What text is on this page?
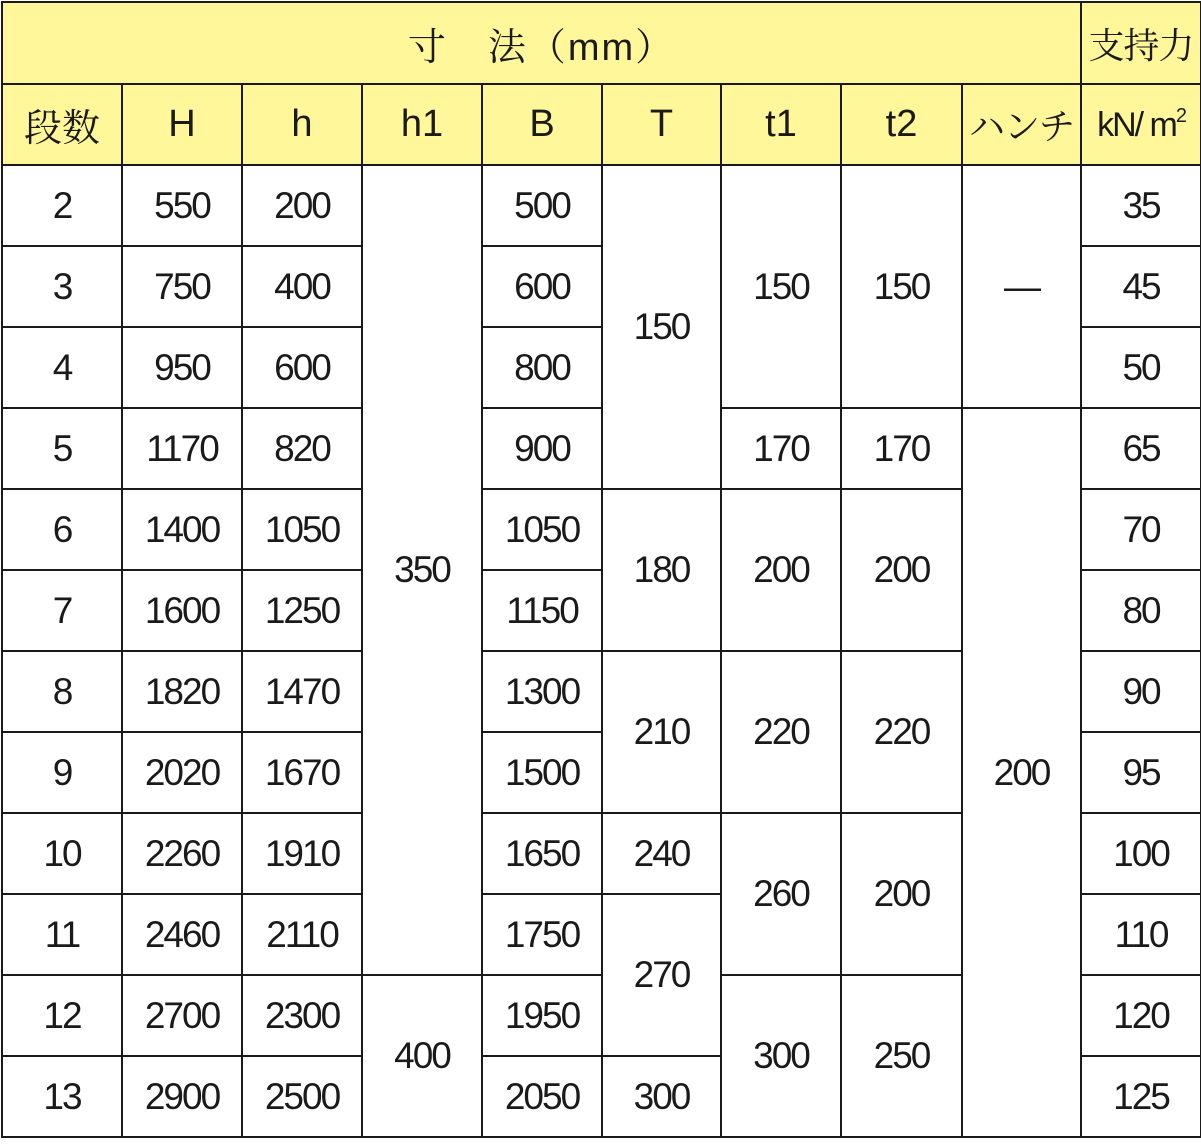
寸　法（mm）									支持力
段数	H	h	h1	B	T	t1	t2	ハンチ	kN/ $m^2$
2	550	200	350	500	150	150	150	—	35
3	750	400		600					45
4	950	600		800					50
5	1170	820		900		170	170	200	65
6	1400	1050		1050	180	200	200		70
7	1600	1250		1150					80
8	1820	1470		1300	210	220	220		90
9	2020	1670		1500					95
10	2260	1910		1650	240	260	200		100
11	2460	2110		1750	270				110
12	2700	2300	400	1950		300	250		120
13	2900	2500		2050	300				125
